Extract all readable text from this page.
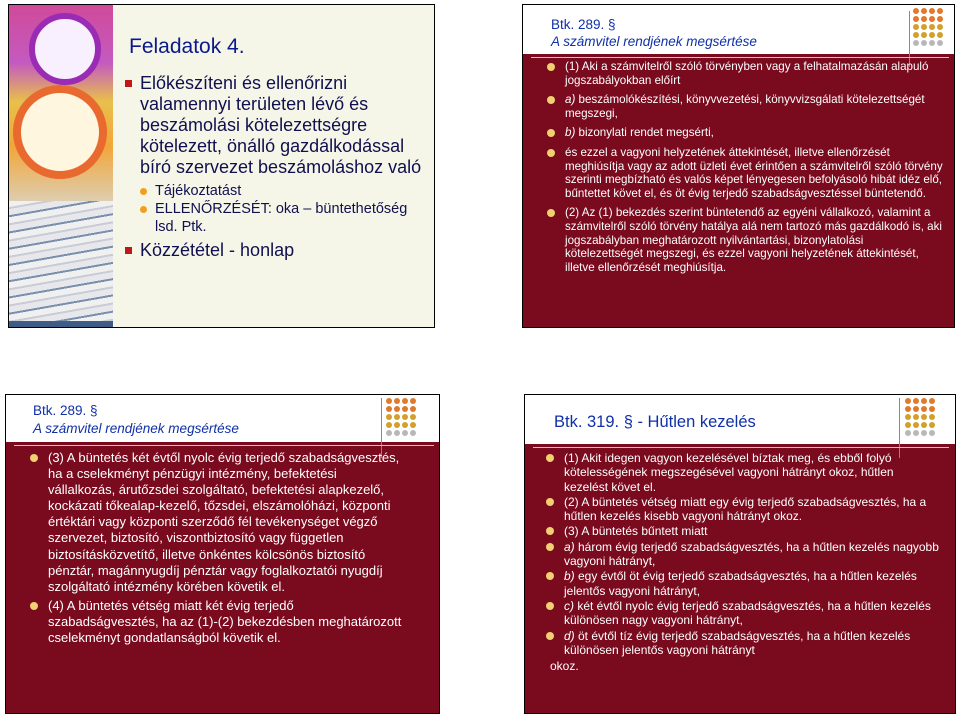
Feladatok 4.
Előkészíteni és ellenőrizni valamennyi területen lévő és beszámolási kötelezettségre kötelezett, önálló gazdálkodással bíró szervezet beszámoláshoz való
Tájékoztatást
ELLENŐRZÉSÉT: oka – büntethetőség lsd. Ptk.
Közzététel - honlap
Btk. 289. §
A számvitel rendjének megsértése
(1) Aki a számvitelről szóló törvényben vagy a felhatalmazásán alapuló jogszabályokban előírt
a) beszámolókészítési, könyvvezetési, könyvvizsgálati kötelezettségét megszegi,
b) bizonylati rendet megsérti,
és ezzel a vagyoni helyzetének áttekintését, illetve ellenőrzését meghiúsítja vagy az adott üzleti évet érintően a számvitelről szóló törvény szerinti megbízható és valós képet lényegesen befolyásoló hibát idéz elő, bűntettet követ el, és öt évig terjedő szabadságvesztéssel büntetendő.
(2) Az (1) bekezdés szerint büntetendő az egyéni vállalkozó, valamint a számvitelről szóló törvény hatálya alá nem tartozó más gazdálkodó is, aki jogszabályban meghatározott nyilvántartási, bizonylatolási kötelezettségét megszegi, és ezzel vagyoni helyzetének áttekintését, illetve ellenőrzését meghiúsítja.
Btk. 289. §
A számvitel rendjének megsértése
(3) A büntetés két évtől nyolc évig terjedő szabadságvesztés, ha a cselekményt pénzügyi intézmény, befektetési vállalkozás, árutőzsdei szolgáltató, befektetési alapkezelő, kockázati tőkealap-kezelő, tőzsdei, elszámolóházi, központi értéktári vagy központi szerződő fél tevékenységet végző szervezet, biztosító, viszontbiztosító vagy független biztosításközvetítő, illetve önkéntes kölcsönös biztosító pénztár, magánnyugdíj pénztár vagy foglalkoztatói nyugdíj szolgáltató intézmény körében követik el.
(4) A büntetés vétség miatt két évig terjedő szabadságvesztés, ha az (1)-(2) bekezdésben meghatározott cselekményt gondatlanságból követik el.
Btk. 319. § - Hűtlen kezelés
(1) Akit idegen vagyon kezelésével bíztak meg, és ebből folyó kötelességének megszegésével vagyoni hátrányt okoz, hűtlen kezelést követ el.
(2) A büntetés vétség miatt egy évig terjedő szabadságvesztés, ha a hűtlen kezelés kisebb vagyoni hátrányt okoz.
(3) A büntetés bűntett miatt
a) három évig terjedő szabadságvesztés, ha a hűtlen kezelés nagyobb vagyoni hátrányt,
b) egy évtől öt évig terjedő szabadságvesztés, ha a hűtlen kezelés jelentős vagyoni hátrányt,
c) két évtől nyolc évig terjedő szabadságvesztés, ha a hűtlen kezelés különösen nagy vagyoni hátrányt,
d) öt évtől tíz évig terjedő szabadságvesztés, ha a hűtlen kezelés különösen jelentős vagyoni hátrányt
okoz.
